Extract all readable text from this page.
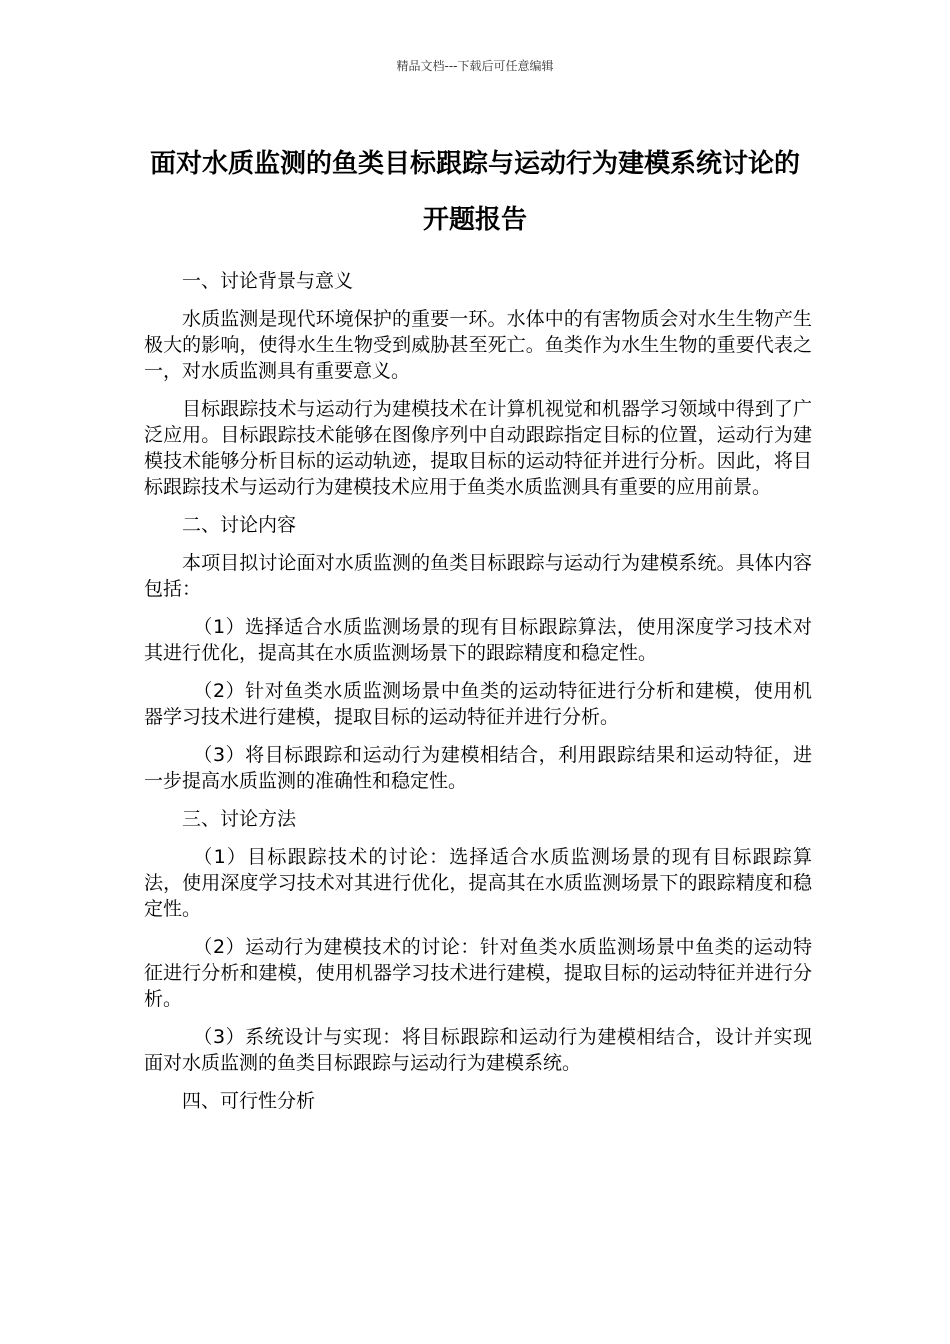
精品文档---下载后可任意编辑
面对水质监测的鱼类目标跟踪与运动行为建模系统讨论的开题报告
一、讨论背景与意义
水质监测是现代环境保护的重要一环。水体中的有害物质会对水生生物产生极大的影响，使得水生生物受到威胁甚至死亡。鱼类作为水生生物的重要代表之一，对水质监测具有重要意义。
目标跟踪技术与运动行为建模技术在计算机视觉和机器学习领域中得到了广泛应用。目标跟踪技术能够在图像序列中自动跟踪指定目标的位置，运动行为建模技术能够分析目标的运动轨迹，提取目标的运动特征并进行分析。因此，将目标跟踪技术与运动行为建模技术应用于鱼类水质监测具有重要的应用前景。
二、讨论内容
本项目拟讨论面对水质监测的鱼类目标跟踪与运动行为建模系统。具体内容包括：
（1）选择适合水质监测场景的现有目标跟踪算法，使用深度学习技术对其进行优化，提高其在水质监测场景下的跟踪精度和稳定性。
（2）针对鱼类水质监测场景中鱼类的运动特征进行分析和建模，使用机器学习技术进行建模，提取目标的运动特征并进行分析。
（3）将目标跟踪和运动行为建模相结合，利用跟踪结果和运动特征，进一步提高水质监测的准确性和稳定性。
三、讨论方法
（1）目标跟踪技术的讨论：选择适合水质监测场景的现有目标跟踪算法，使用深度学习技术对其进行优化，提高其在水质监测场景下的跟踪精度和稳定性。
（2）运动行为建模技术的讨论：针对鱼类水质监测场景中鱼类的运动特征进行分析和建模，使用机器学习技术进行建模，提取目标的运动特征并进行分析。
（3）系统设计与实现：将目标跟踪和运动行为建模相结合，设计并实现面对水质监测的鱼类目标跟踪与运动行为建模系统。
四、可行性分析
